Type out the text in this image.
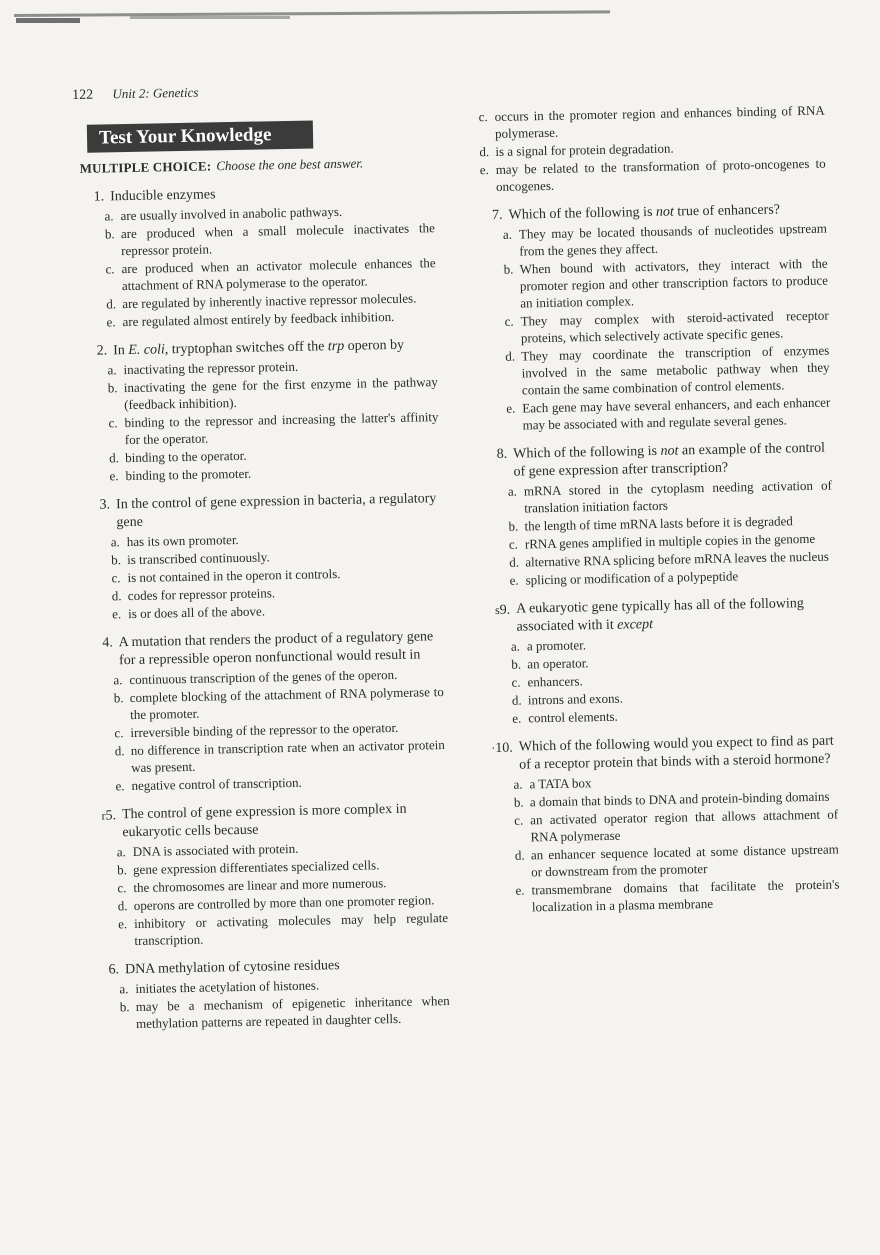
122 Unit 2: Genetics
Test Your Knowledge
MULTIPLE CHOICE: Choose the one best answer.
1. Inducible enzymes
a. are usually involved in anabolic pathways.
b. are produced when a small molecule inactivates the repressor protein.
c. are produced when an activator molecule enhances the attachment of RNA polymerase to the operator.
d. are regulated by inherently inactive repressor molecules.
e. are regulated almost entirely by feedback inhibition.
2. In E. coli, tryptophan switches off the trp operon by
a. inactivating the repressor protein.
b. inactivating the gene for the first enzyme in the pathway (feedback inhibition).
c. binding to the repressor and increasing the latter's affinity for the operator.
d. binding to the operator.
e. binding to the promoter.
3. In the control of gene expression in bacteria, a regulatory gene
a. has its own promoter.
b. is transcribed continuously.
c. is not contained in the operon it controls.
d. codes for repressor proteins.
e. is or does all of the above.
4. A mutation that renders the product of a regulatory gene for a repressible operon nonfunctional would result in
a. continuous transcription of the genes of the operon.
b. complete blocking of the attachment of RNA polymerase to the promoter.
c. irreversible binding of the repressor to the operator.
d. no difference in transcription rate when an activator protein was present.
e. negative control of transcription.
r5. The control of gene expression is more complex in eukaryotic cells because
a. DNA is associated with protein.
b. gene expression differentiates specialized cells.
c. the chromosomes are linear and more numerous.
d. operons are controlled by more than one promoter region.
e. inhibitory or activating molecules may help regulate transcription.
6. DNA methylation of cytosine residues
a. initiates the acetylation of histones.
b. may be a mechanism of epigenetic inheritance when methylation patterns are repeated in daughter cells.
c. occurs in the promoter region and enhances binding of RNA polymerase.
d. is a signal for protein degradation.
e. may be related to the transformation of proto-oncogenes to oncogenes.
7. Which of the following is not true of enhancers?
a. They may be located thousands of nucleotides upstream from the genes they affect.
b. When bound with activators, they interact with the promoter region and other transcription factors to produce an initiation complex.
c. They may complex with steroid-activated receptor proteins, which selectively activate specific genes.
d. They may coordinate the transcription of enzymes involved in the same metabolic pathway when they contain the same combination of control elements.
e. Each gene may have several enhancers, and each enhancer may be associated with and regulate several genes.
8. Which of the following is not an example of the control of gene expression after transcription?
a. mRNA stored in the cytoplasm needing activation of translation initiation factors
b. the length of time mRNA lasts before it is degraded
c. rRNA genes amplified in multiple copies in the genome
d. alternative RNA splicing before mRNA leaves the nucleus
e. splicing or modification of a polypeptide
ѕ9. A eukaryotic gene typically has all of the following associated with it except
a. a promoter.
b. an operator.
c. enhancers.
d. introns and exons.
e. control elements.
·10. Which of the following would you expect to find as part of a receptor protein that binds with a steroid hormone?
a. a TATA box
b. a domain that binds to DNA and protein-binding domains
c. an activated operator region that allows attachment of RNA polymerase
d. an enhancer sequence located at some distance upstream or downstream from the promoter
e. transmembrane domains that facilitate the protein's localization in a plasma membrane
